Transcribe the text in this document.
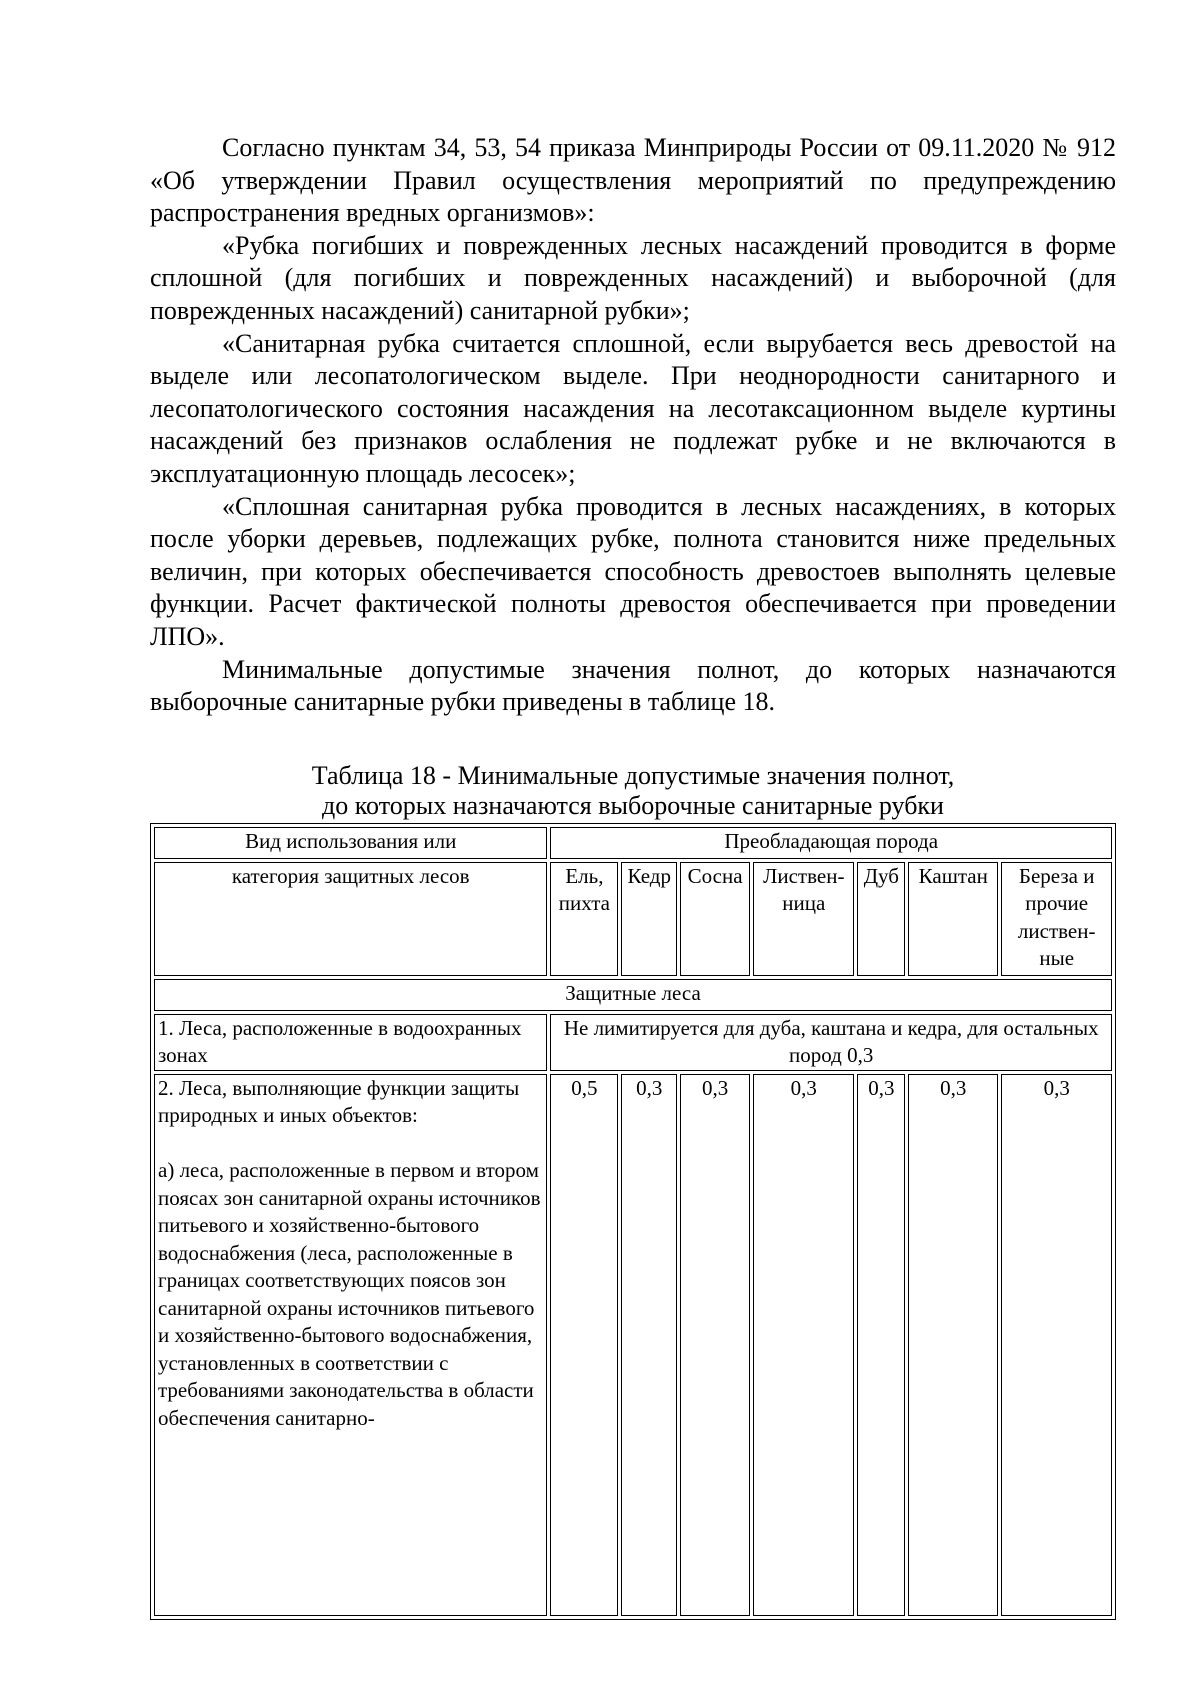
Согласно пунктам 34, 53, 54 приказа Минприроды России от 09.11.2020 № 912 «Об утверждении Правил осуществления мероприятий по предупреждению распространения вредных организмов»:

«Рубка погибших и поврежденных лесных насаждений проводится в форме сплошной (для погибших и поврежденных насаждений) и выборочной (для поврежденных насаждений) санитарной рубки»;

«Санитарная рубка считается сплошной, если вырубается весь древостой на выделе или лесопатологическом выделе. При неоднородности санитарного и лесопатологического состояния насаждения на лесотаксационном выделе куртины насаждений без признаков ослабления не подлежат рубке и не включаются в эксплуатационную площадь лесосек»;

«Сплошная санитарная рубка проводится в лесных насаждениях, в которых после уборки деревьев, подлежащих рубке, полнота становится ниже предельных величин, при которых обеспечивается способность древостоев выполнять целевые функции. Расчет фактической полноты древостоя обеспечивается при проведении ЛПО».

Минимальные допустимые значения полнот, до которых назначаются выборочные санитарные рубки приведены в таблице 18.

Таблица 18 - Минимальные допустимые значения полнот,
до которых назначаются выборочные санитарные рубки
Вид использования или	Преобладающая порода						
категория защитных лесов	Ель, пихта	Кедр	Сосна	Листвен-ница	Дуб	Каштан	Береза и прочие листвен-ные
Защитные леса							
1. Леса, расположенные в водоохранных зонах	Не лимитируется для дуба, каштана и кедра, для остальных пород 0,3						
2. Леса, выполняющие функции защиты природных и иных объектов:
а) леса, расположенные в первом и втором поясах зон санитарной охраны источников питьевого и хозяйственно-бытового водоснабжения (леса, расположенные в границах соответствующих поясов зон санитарной охраны источников питьевого и хозяйственно-бытового водоснабжения, установленных в соответствии с требованиями законодательства в области обеспечения санитарно-	0,5	0,3	0,3	0,3	0,3	0,3	0,3
